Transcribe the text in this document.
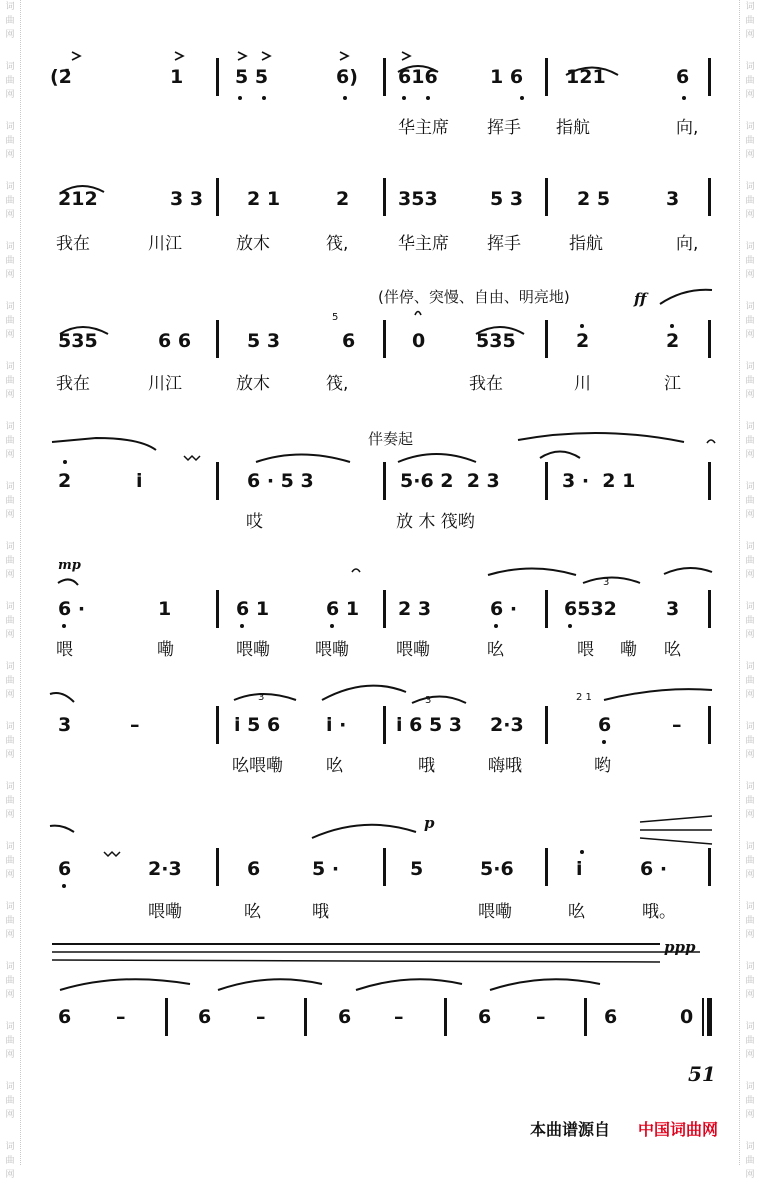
词
曲
网
词
曲
网
词
曲
网
词
曲
网
词
曲
网
词
曲
网
词
曲
网
词
曲
网
词
曲
网
词
曲
网
词
曲
网
词
曲
网
词
曲
网
词
曲
网
词
曲
网
词
曲
网
词
曲
网
词
曲
网
词
曲
网
词
曲
网
词
曲
网
词
曲
网
词
曲
网
词
曲
网
词
曲
网
词
曲
网
词
曲
网
词
曲
网
词
曲
网
词
曲
网
词
曲
网
词
曲
网
词
曲
网
词
曲
网
词
曲
网
词
曲
网
词
曲
网
词
曲
网
词
曲
网
词
曲
网
3
3
3
(2̇	1	5 5	6) 616	1 6 121	6
华主席 挥手 指航	向,
212	3 3 2 1	2	353	5 3	2 5	3
我在	川江	放木	筏,	华主席 挥手	指航	向,
(伴停、突慢、自由、明亮地)	ff
535	6 6	5 3
5
6	0	535	2	2
我在	川江	放木	筏,	我在	川	江
伴奏起
2	i	6 · 5 3	5·6 2  2 3	3 ·  2 1
哎	放 木 筏哟
mp
6 ·	1	6 1	6 1 2 3	6 · 6532	3
喂	嘞	喂嘞	喂嘞	喂嘞	吆	喂 嘞 吆
3	–	i 5 6 i ·	i 6 5 3 2·3
2 1
6	–
吆喂嘞	吆	哦	嗨哦	哟
p
6	2·3	6	5 ·	5	5·6	i	6 ·
喂嘞	吆	哦	喂嘞	吆	哦。
ppp
6 –	6 –	6 –	6 –	6	0
51
本曲谱源自 中国词曲网
